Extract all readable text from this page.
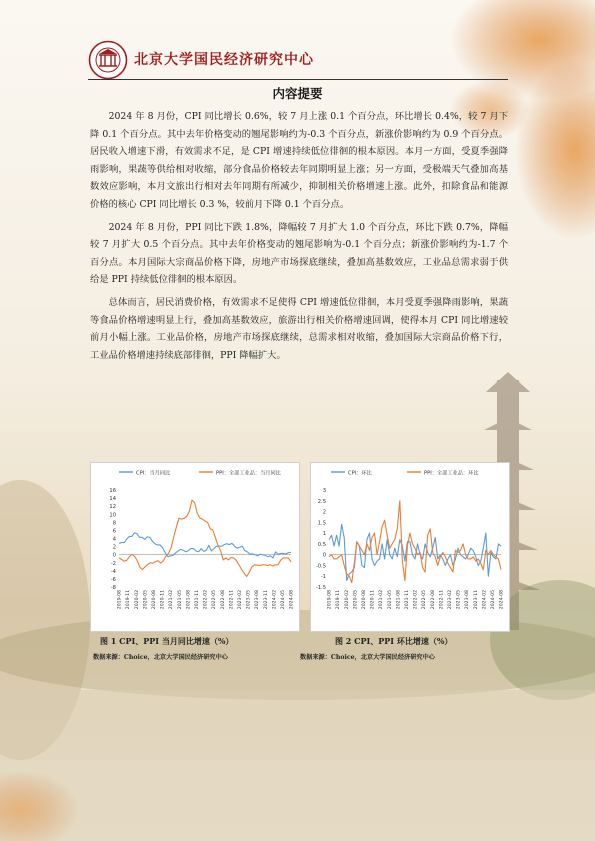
北京大学国民经济研究中心
内容提要

2024 年 8 月份，CPI 同比增长 0.6%，较 7 月上涨 0.1 个百分点，环比增长 0.4%，较 7 月下降 0.1 个百分点。其中去年价格变动的翘尾影响约为-0.3 个百分点，新涨价影响约为 0.9 个百分点。居民收入增速下滑，有效需求不足，是 CPI 增速持续低位徘徊的根本原因。本月一方面，受夏季强降雨影响，果蔬等供给相对收缩，部分食品价格较去年同期明显上涨；另一方面，受极端天气叠加高基数效应影响，本月文旅出行相对去年同期有所减少，抑制相关价格增速上涨。此外，扣除食品和能源价格的核心 CPI 同比增长 0.3 %，较前月下降 0.1 个百分点。

2024 年 8 月份，PPI 同比下跌 1.8%，降幅较 7 月扩大 1.0 个百分点，环比下跌 0.7%，降幅较 7 月扩大 0.5 个百分点。其中去年价格变动的翘尾影响为-0.1 个百分点；新涨价影响约为-1.7 个百分点。本月国际大宗商品价格下降，房地产市场探底继续，叠加高基数效应，工业品总需求弱于供给是 PPI 持续低位徘徊的根本原因。

总体而言，居民消费价格，有效需求不足使得 CPI 增速低位徘徊，本月受夏季强降雨影响，果蔬等食品价格增速明显上行，叠加高基数效应，旅游出行相关价格增速回调，使得本月 CPI 同比增速较前月小幅上涨。工业品价格，房地产市场探底继续，总需求相对收缩，叠加国际大宗商品价格下行，工业品价格增速持续底部徘徊，PPI 降幅扩大。

CPI：当月同比	PPI：全部工业品：当月同比
16
14
12
10
8
6
4
2
0
-2
-4
-6
-8
2019-08 2019-11 2020-02 2020-05 2020-08 2020-11 2021-02 2021-05 2021-08 2021-11 2022-02 2022-05 2022-08 2022-11 2023-02 2023-05 2023-08 2023-11 2024-02 2024-05 2024-08
图 1 CPI、PPI 当月同比增速（%）
数据来源：Choice，北京大学国民经济研究中心
CPI：环比	PPI：全部工业品：环比
3
2.5
2
1.5
1
0.5
0
-0.5
-1
-1.5
2019-08 2019-11 2020-02 2020-05 2020-08 2020-11 2021-02 2021-05 2021-08 2021-11 2022-02 2022-05 2022-08 2022-11 2023-02 2023-05 2023-08 2023-11 2024-02 2024-05 2024-08
图 2 CPI、PPI 环比增速（%）
数据来源：Choice，北京大学国民经济研究中心
